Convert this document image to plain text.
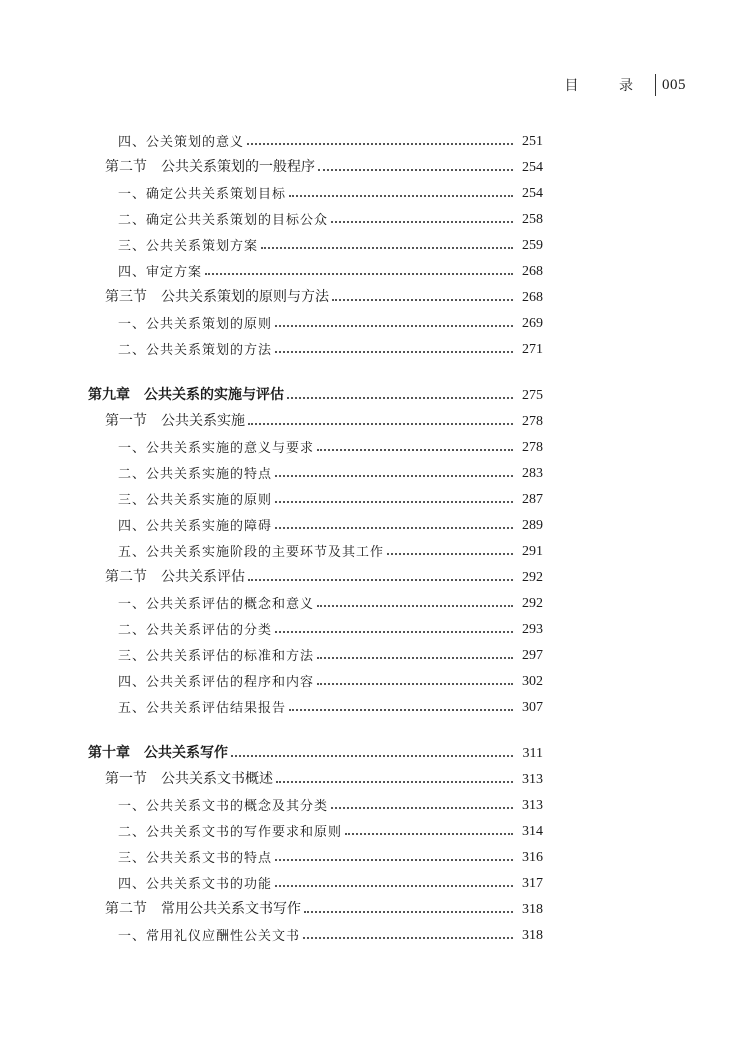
目 录 005
四、公关策划的意义	251
第二节 公共关系策划的一般程序	254
一、确定公共关系策划目标	254
二、确定公共关系策划的目标公众	258
三、公共关系策划方案	259
四、审定方案	268
第三节 公共关系策划的原则与方法	268
一、公共关系策划的原则	269
二、公共关系策划的方法	271
第九章 公共关系的实施与评估	275
第一节 公共关系实施	278
一、公共关系实施的意义与要求	278
二、公共关系实施的特点	283
三、公共关系实施的原则	287
四、公共关系实施的障碍	289
五、公共关系实施阶段的主要环节及其工作	291
第二节 公共关系评估	292
一、公共关系评估的概念和意义	292
二、公共关系评估的分类	293
三、公共关系评估的标准和方法	297
四、公共关系评估的程序和内容	302
五、公共关系评估结果报告	307
第十章 公共关系写作	311
第一节 公共关系文书概述	313
一、公共关系文书的概念及其分类	313
二、公共关系文书的写作要求和原则	314
三、公共关系文书的特点	316
四、公共关系文书的功能	317
第二节 常用公共关系文书写作	318
一、常用礼仪应酬性公关文书	318
